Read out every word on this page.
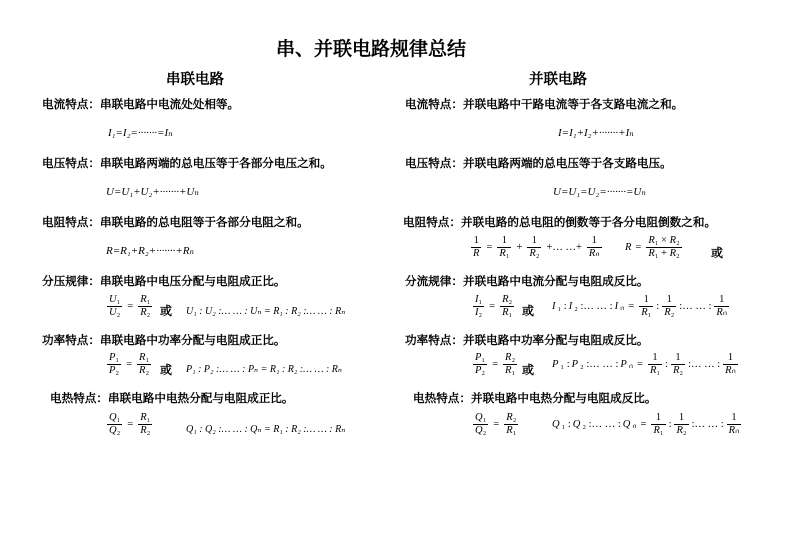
串、并联电路规律总结
串联电路	并联电路
电流特点：串联电路中电流处处相等。
I₁=I₂=·······=Iₙ
电压特点：串联电路两端的总电压等于各部分电压之和。
U=U₁+U₂+·······+Uₙ
电阻特点：串联电路的总电阻等于各部分电阻之和。
R=R₁+R₂+·······+Rₙ
分压规律：串联电路中电压分配与电阻成正比。
$\frac{\text{U₁}}{\text{U₂}} = \frac{\text{R₁}}{\text{R₂}}$ 或 U₁ : U₂ :… … : Uₙ = R₁ : R₂ :… … : Rₙ
功率特点：串联电路中功率分配与电阻成正比。
$\frac{\text{P₁}}{\text{P₂}} = \frac{\text{R₁}}{\text{R₂}}$ 或 P₁ : P₂ :… … : Pₙ = R₁ : R₂ :… … : Rₙ
电热特点：串联电路中电热分配与电阻成正比。
$\frac{\text{Q₁}}{\text{Q₂}} = \frac{\text{R₁}}{\text{R₂}}$	Q₁ : Q₂ :… … : Qₙ = R₁ : R₂ :… … : Rₙ
电流特点：并联电路中干路电流等于各支路电流之和。
I=I₁+I₂+·······+Iₙ
电压特点：并联电路两端的总电压等于各支路电压。
U=U₁=U₂=·······=Uₙ
电阻特点：并联电路的总电阻的倒数等于各分电阻倒数之和。
$\frac{1}{R} = \frac{1}{\text{R₁}} + \frac{1}{\text{R₂}}$ +… …+ $\frac{1}{\text{Rₙ}}$ $R = \frac{\text{R₁ × R₂}}{\text{R₁ + R₂}}$ 或
分流规律：并联电路中电流分配与电阻成反比。
$\frac{\text{I₁}}{\text{I₂}} = \frac{\text{R₂}}{\text{R₁}}$ 或 I ₁ : I ₂ :… … : I $_n = \frac{1}{\text{R₁}}$ : $\frac{1}{\text{R₂}}$ :… … : $\frac{1}{\text{Rₙ}}$
功率特点：并联电路中功率分配与电阻成反比。
$\frac{\text{P₁}}{\text{P₂}} = \frac{\text{R₂}}{\text{R₁}}$ 或 P ₁ : P ₂ :… … : P $_n = \frac{1}{\text{R₁}}$ : $\frac{1}{\text{R₂}}$ :… … : $\frac{1}{\text{Rₙ}}$
电热特点：并联电路中电热分配与电阻成反比。
$\frac{\text{Q₁}}{\text{Q₂}} = \frac{\text{R₂}}{\text{R₁}}$	Q ₁ : Q ₂ :… … : Q $_n = \frac{1}{\text{R₁}}$ : $\frac{1}{\text{R₂}}$ :… … : $\frac{1}{\text{Rₙ}}$
